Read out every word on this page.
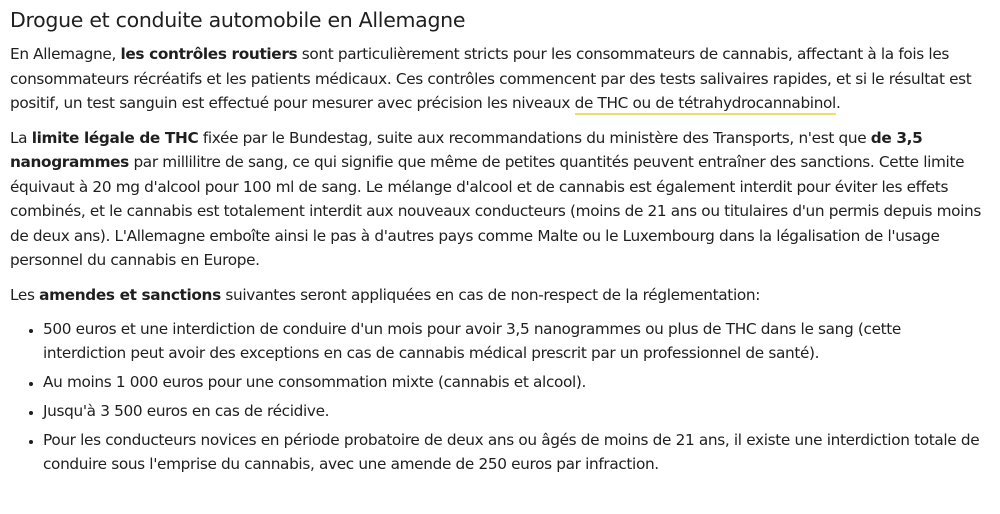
Drogue et conduite automobile en Allemagne

En Allemagne, les contrôles routiers sont particulièrement stricts pour les consommateurs de cannabis, affectant à la fois les consommateurs récréatifs et les patients médicaux. Ces contrôles commencent par des tests salivaires rapides, et si le résultat est positif, un test sanguin est effectué pour mesurer avec précision les niveaux de THC ou de tétrahydrocannabinol.

La limite légale de THC fixée par le Bundestag, suite aux recommandations du ministère des Transports, n'est que de 3,5 nanogrammes par millilitre de sang, ce qui signifie que même de petites quantités peuvent entraîner des sanctions. Cette limite équivaut à 20 mg d'alcool pour 100 ml de sang. Le mélange d'alcool et de cannabis est également interdit pour éviter les effets combinés, et le cannabis est totalement interdit aux nouveaux conducteurs (moins de 21 ans ou titulaires d'un permis depuis moins de deux ans). L'Allemagne emboîte ainsi le pas à d'autres pays comme Malte ou le Luxembourg dans la légalisation de l'usage personnel du cannabis en Europe.

Les amendes et sanctions suivantes seront appliquées en cas de non-respect de la réglementation:

• 500 euros et une interdiction de conduire d'un mois pour avoir 3,5 nanogrammes ou plus de THC dans le sang (cette interdiction peut avoir des exceptions en cas de cannabis médical prescrit par un professionnel de santé).
• Au moins 1 000 euros pour une consommation mixte (cannabis et alcool).
• Jusqu'à 3 500 euros en cas de récidive.
• Pour les conducteurs novices en période probatoire de deux ans ou âgés de moins de 21 ans, il existe une interdiction totale de conduire sous l'emprise du cannabis, avec une amende de 250 euros par infraction.
